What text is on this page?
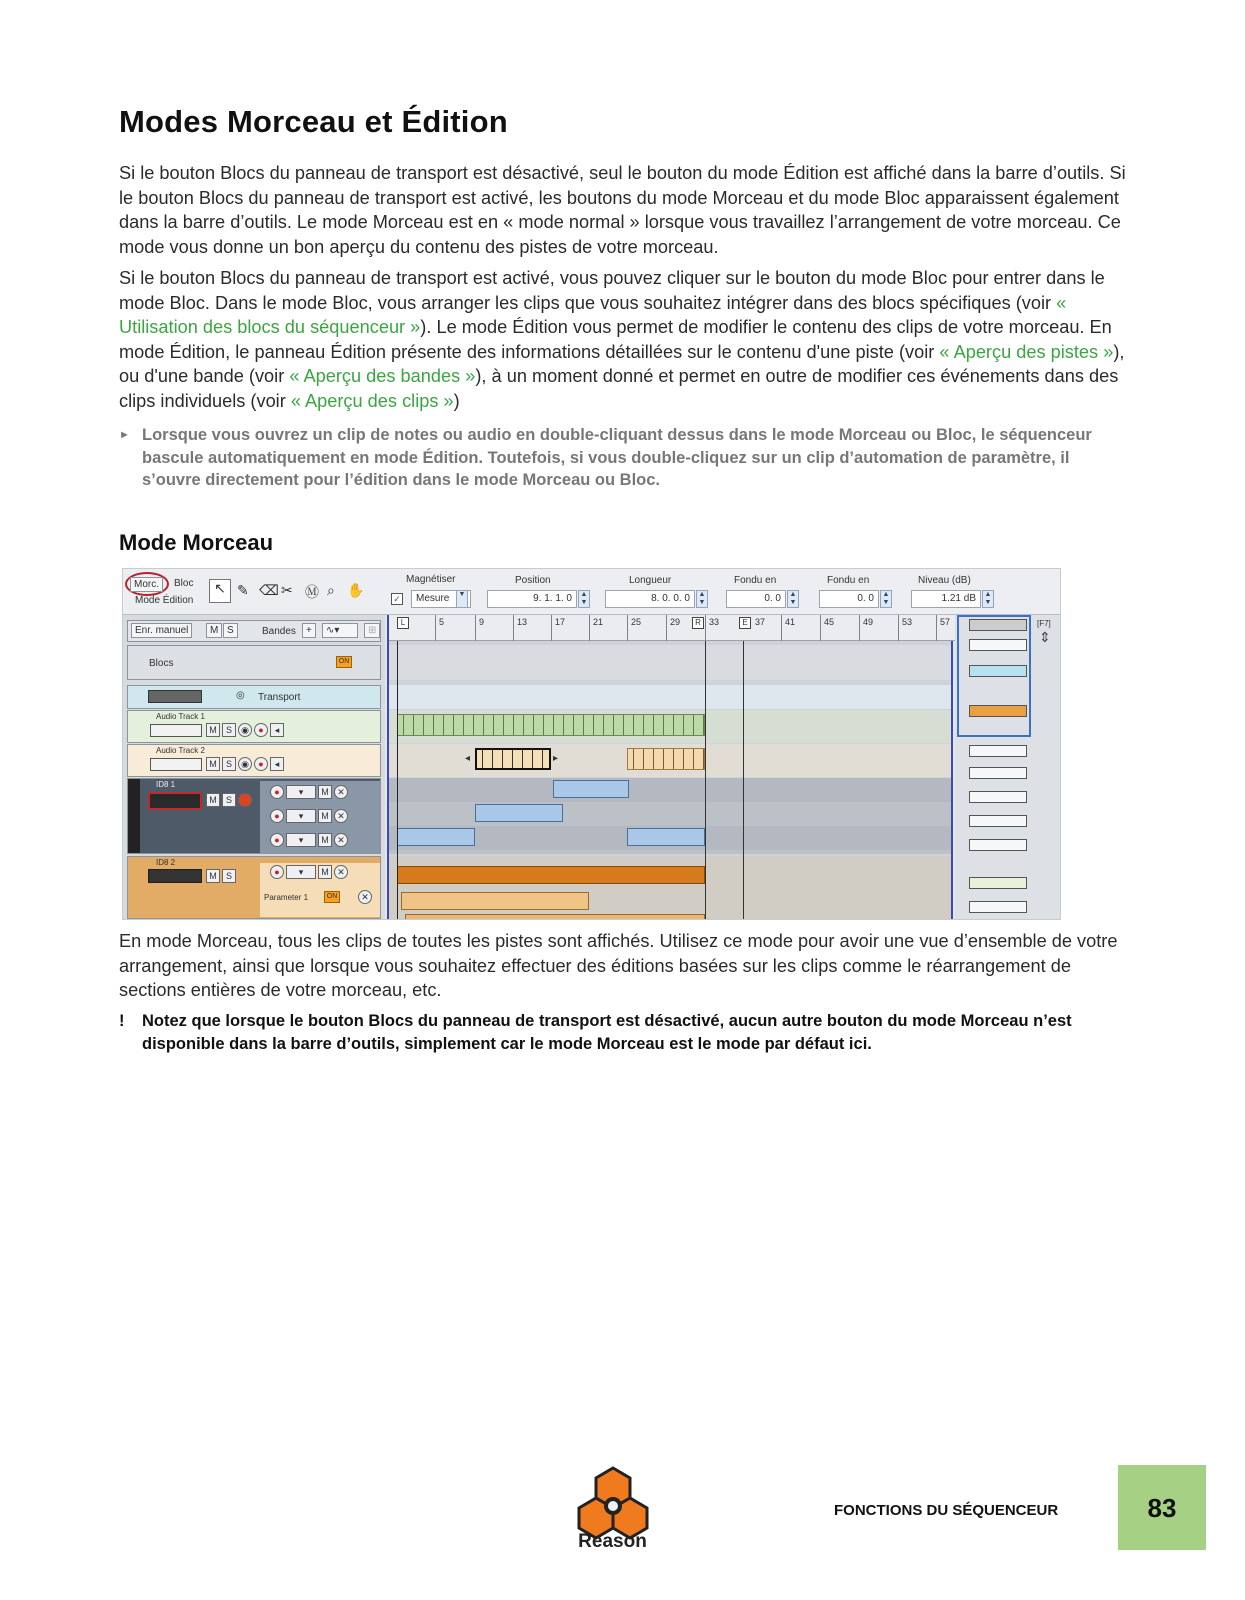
Modes Morceau et Édition

Si le bouton Blocs du panneau de transport est désactivé, seul le bouton du mode Édition est affiché dans la barre d’outils. Si le bouton Blocs du panneau de transport est activé, les boutons du mode Morceau et du mode Bloc apparaissent également dans la barre d’outils. Le mode Morceau est en « mode normal » lorsque vous travaillez l’arrangement de votre morceau. Ce mode vous donne un bon aperçu du contenu des pistes de votre morceau.

Si le bouton Blocs du panneau de transport est activé, vous pouvez cliquer sur le bouton du mode Bloc pour entrer dans le mode Bloc. Dans le mode Bloc, vous arranger les clips que vous souhaitez intégrer dans des blocs spécifiques (voir « Utilisation des blocs du séquenceur »). Le mode Édition vous permet de modifier le contenu des clips de votre morceau. En mode Édition, le panneau Édition présente des informations détaillées sur le contenu d'une piste (voir « Aperçu des pistes »), ou d'une bande (voir « Aperçu des bandes »), à un moment donné et permet en outre de modifier ces événements dans des clips individuels (voir « Aperçu des clips »)

► Lorsque vous ouvrez un clip de notes ou audio en double-cliquant dessus dans le mode Morceau ou Bloc, le séquenceur bascule automatiquement en mode Édition. Toutefois, si vous double-cliquez sur un clip d’automation de paramètre, il s’ouvre directement pour l’édition dans le mode Morceau ou Bloc.
Mode Morceau
Morc.	Bloc
Mode Édition
↖ ✎ ⌫ ✂ Ⓜ ⌕ ✋
Magnétiser
✓	Mesure	▼
Position
9. 1. 1. 0	▲
▼
Longueur
8. 0. 0. 0	▲
▼
Fondu en
0. 0	▲
▼
Fondu en
0. 0	▲
▼
Niveau (dB)
1.21 dB	▲
▼
Enr. manuel	M S	Bandes	+	∿▾	⊞
Blocs	ON
◎ Transport
Audio Track 1
M S ◉ ● ◂
Audio Track 2
M S ◉ ● ◂
ID8 1
M S ●
● ▾ M ✕
● ▾ M ✕
● ▾ M ✕
ID8 2
M S	● ▾ M ✕
Parameter 1	ON	✕
L	5	9	13	17	21	25	29	R 33	E 37	41	45	49	53	57
◂	▸
[F7]
⇕

En mode Morceau, tous les clips de toutes les pistes sont affichés. Utilisez ce mode pour avoir une vue d’ensemble de votre arrangement, ainsi que lorsque vous souhaitez effectuer des éditions basées sur les clips comme le réarrangement de sections entières de votre morceau, etc.

!	Notez que lorsque le bouton Blocs du panneau de transport est désactivé, aucun autre bouton du mode Morceau n’est disponible dans la barre d’outils, simplement car le mode Morceau est le mode par défaut ici.
Reason
FONCTIONS DU SÉQUENCEUR	83
